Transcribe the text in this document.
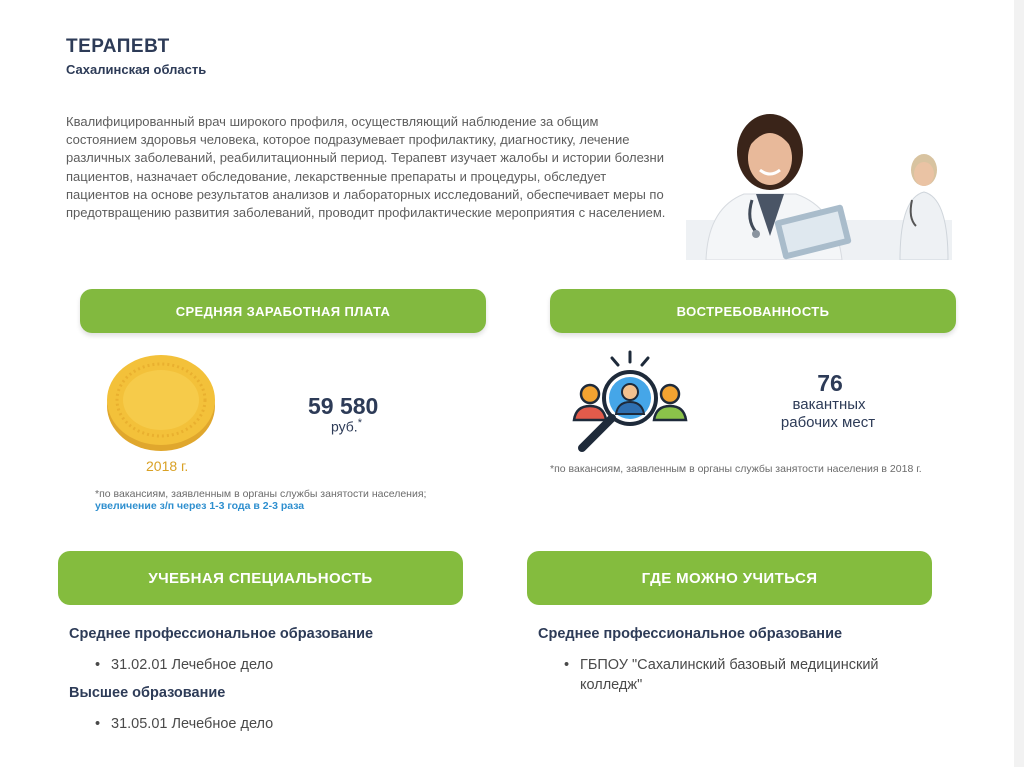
ТЕРАПЕВТ
Сахалинская область
Квалифицированный врач широкого профиля, осуществляющий наблюдение за общим состоянием здоровья человека, которое подразумевает профилактику, диагностику, лечение различных заболеваний, реабилитационный период. Терапевт изучает жалобы и истории болезни пациентов, назначает обследование, лекарственные препараты и процедуры, обследует пациентов на основе результатов анализов и лабораторных исследований, обеспечивает меры по предотвращению развития заболеваний, проводит профилактические мероприятия с населением.
СРЕДНЯЯ ЗАРАБОТНАЯ ПЛАТА	ВОСТРЕБОВАННОСТЬ
2018 г.
59 580
руб.*
*по вакансиям, заявленным в органы службы занятости населения;
увеличение з/п через 1-3 года в 2-3 раза
76
вакантных
рабочих мест
*по вакансиям, заявленным в органы службы занятости населения в 2018 г.
УЧЕБНАЯ СПЕЦИАЛЬНОСТЬ
Среднее профессиональное образование
• 31.02.01 Лечебное дело
Высшее образование
• 31.05.01 Лечебное дело
ГДЕ МОЖНО УЧИТЬСЯ
Среднее профессиональное образование
• ГБПОУ "Сахалинский базовый медицинский колледж"
